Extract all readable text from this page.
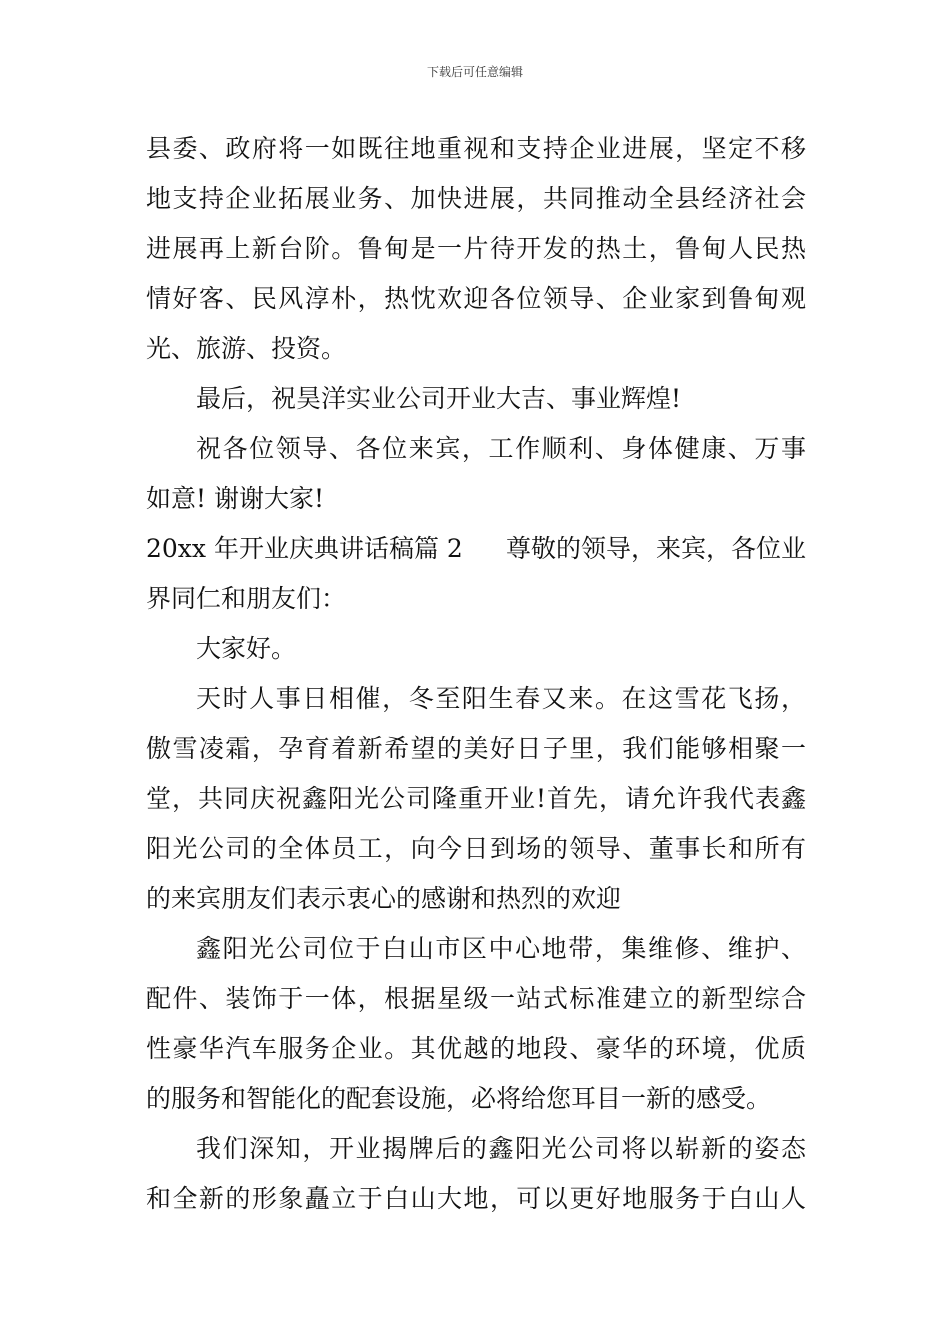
下载后可任意编辑
县委、政府将一如既往地重视和支持企业进展，坚定不移
地支持企业拓展业务、加快进展，共同推动全县经济社会
进展再上新台阶。鲁甸是一片待开发的热土，鲁甸人民热
情好客、民风淳朴，热忱欢迎各位领导、企业家到鲁甸观
光、旅游、投资。
最后，祝昊洋实业公司开业大吉、事业辉煌!
祝各位领导、各位来宾，工作顺利、身体健康、万事
如意! 谢谢大家!
20xx 年开业庆典讲话稿篇 2 尊敬的领导，来宾，各位业
界同仁和朋友们：
大家好。
天时人事日相催，冬至阳生春又来。在这雪花飞扬，
傲雪凌霜，孕育着新希望的美好日子里，我们能够相聚一
堂，共同庆祝鑫阳光公司隆重开业!首先，请允许我代表鑫
阳光公司的全体员工，向今日到场的领导、董事长和所有
的来宾朋友们表示衷心的感谢和热烈的欢迎
鑫阳光公司位于白山市区中心地带，集维修、维护、
配件、装饰于一体，根据星级一站式标准建立的新型综合
性豪华汽车服务企业。其优越的地段、豪华的环境，优质
的服务和智能化的配套设施，必将给您耳目一新的感受。
我们深知，开业揭牌后的鑫阳光公司将以崭新的姿态
和全新的形象矗立于白山大地，可以更好地服务于白山人
